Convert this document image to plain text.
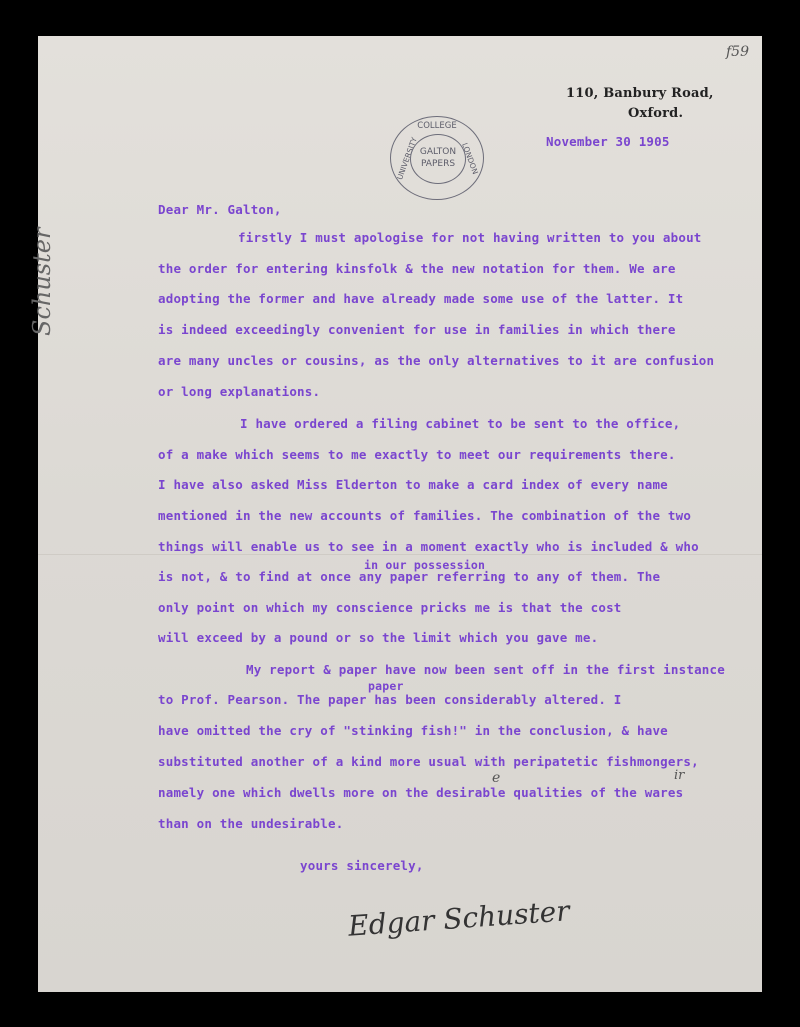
f59
COLLEGE
UNIVERSITY	LONDON
GALTON
PAPERS
110, Banbury Road,
Oxford.
November 30 1905
Dear Mr. Galton,
firstly I must apologise for not having written to you about
the order for entering kinsfolk & the new notation for them. We are
adopting the former and have already made some use of the latter. It
is indeed exceedingly convenient for use in families in which there
are many uncles or cousins, as the only alternatives to it are confusion
or long explanations.
I have ordered a filing cabinet to be sent to the office,
of a make which seems to me exactly to meet our requirements there.
I have also asked Miss Elderton to make a card index of every name
mentioned in the new accounts of families. The combination of the two
things will enable us to see in a moment exactly who is included & who
in our possession
is not, & to find at once any paper referring to any of them. The
only point on which my conscience pricks me is that the cost
will exceed by a pound or so the limit which you gave me.
My report & paper have now been sent off in the first instance
paper
to Prof. Pearson. The paper has been considerably altered. I
have omitted the cry of "stinking fish!" in the conclusion, & have
substituted another of a kind more usual with peripatetic fishmongers,
e	ir
namely one which dwells more on the desirable qualities of the wares
than on the undesirable.
yours sincerely,
Edgar Schuster
Schuster
